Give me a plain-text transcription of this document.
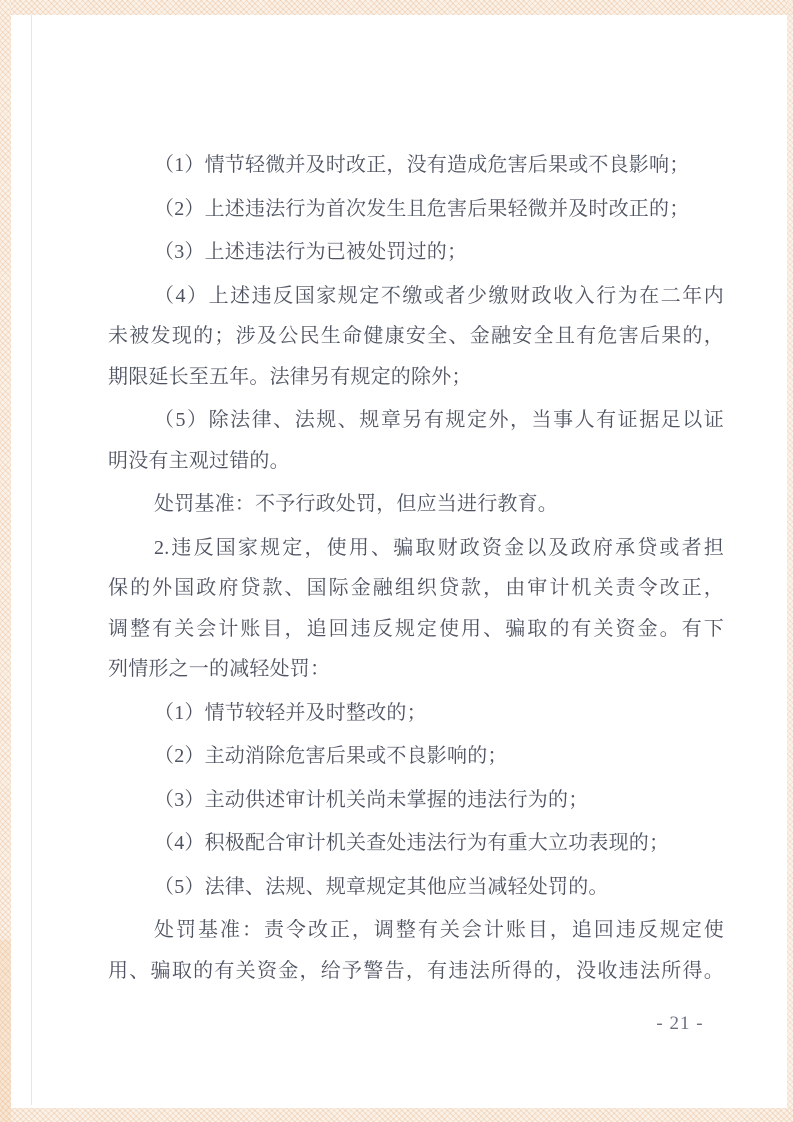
（1）情节轻微并及时改正，没有造成危害后果或不良影响；
（2）上述违法行为首次发生且危害后果轻微并及时改正的；
（3）上述违法行为已被处罚过的；
（4）上述违反国家规定不缴或者少缴财政收入行为在二年内
未被发现的；涉及公民生命健康安全、金融安全且有危害后果的，
期限延长至五年。法律另有规定的除外；
（5）除法律、法规、规章另有规定外，当事人有证据足以证
明没有主观过错的。
处罚基准：不予行政处罚，但应当进行教育。
2.违反国家规定，使用、骗取财政资金以及政府承贷或者担
保的外国政府贷款、国际金融组织贷款，由审计机关责令改正，
调整有关会计账目，追回违反规定使用、骗取的有关资金。有下
列情形之一的减轻处罚：
（1）情节较轻并及时整改的；
（2）主动消除危害后果或不良影响的；
（3）主动供述审计机关尚未掌握的违法行为的；
（4）积极配合审计机关查处违法行为有重大立功表现的；
（5）法律、法规、规章规定其他应当减轻处罚的。
处罚基准：责令改正，调整有关会计账目，追回违反规定使
用、骗取的有关资金，给予警告，有违法所得的，没收违法所得。
- 21 -
